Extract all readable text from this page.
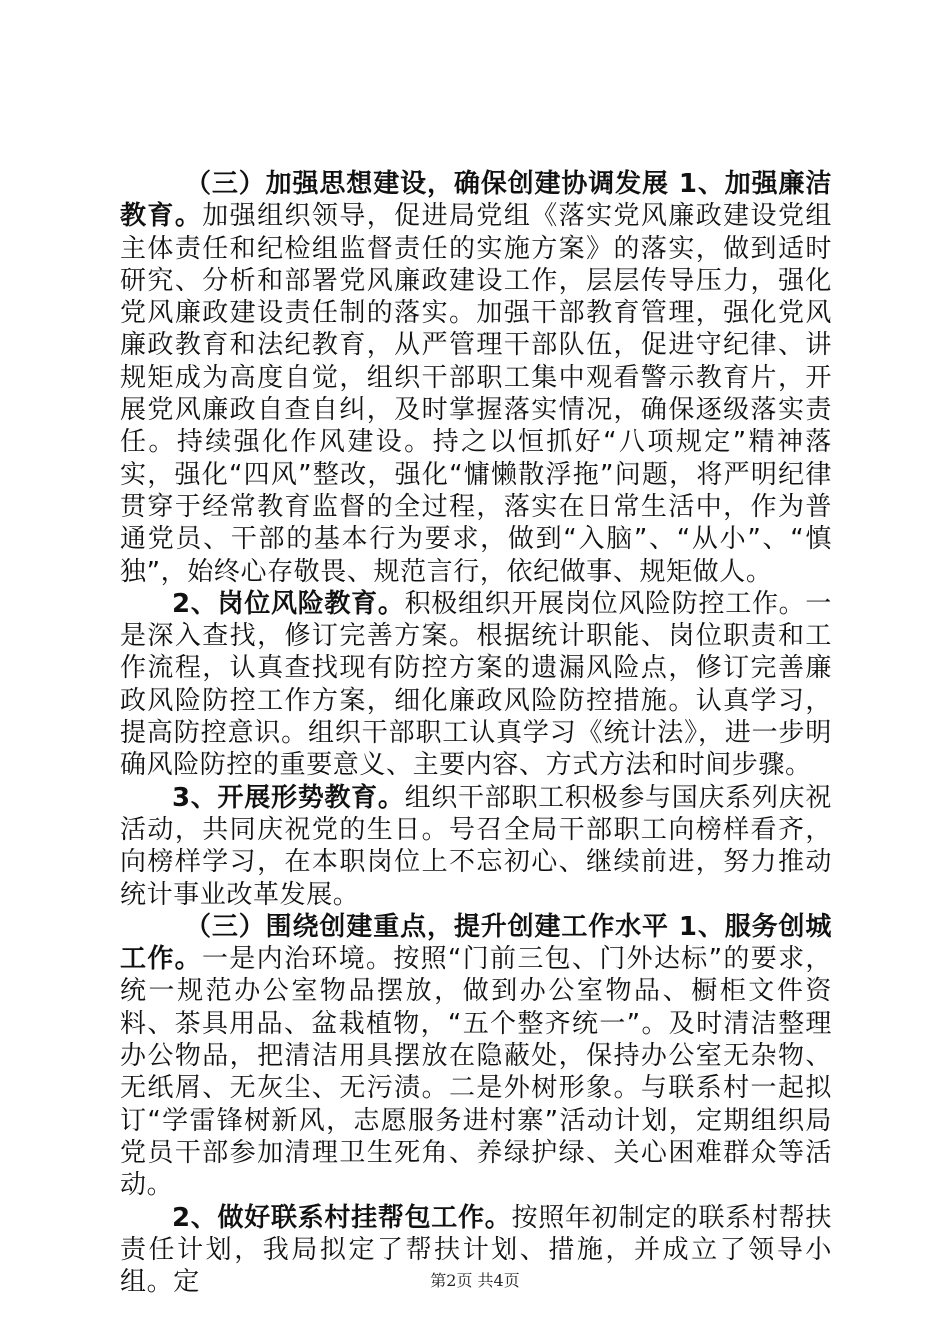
（三）加强思想建设，确保创建协调发展 1、加强廉洁教育。加强组织领导，促进局党组《落实党风廉政建设党组主体责任和纪检组监督责任的实施方案》的落实，做到适时研究、分析和部署党风廉政建设工作，层层传导压力，强化党风廉政建设责任制的落实。加强干部教育管理，强化党风廉政教育和法纪教育，从严管理干部队伍，促进守纪律、讲规矩成为高度自觉，组织干部职工集中观看警示教育片，开展党风廉政自查自纠，及时掌握落实情况，确保逐级落实责任。持续强化作风建设。持之以恒抓好“八项规定”精神落实，强化“四风”整改，强化“慵懒散浮拖”问题，将严明纪律贯穿于经常教育监督的全过程，落实在日常生活中，作为普通党员、干部的基本行为要求，做到“入脑”、“从小”、“慎独”，始终心存敬畏、规范言行，依纪做事、规矩做人。

2、岗位风险教育。积极组织开展岗位风险防控工作。一是深入查找，修订完善方案。根据统计职能、岗位职责和工作流程，认真查找现有防控方案的遗漏风险点，修订完善廉政风险防控工作方案，细化廉政风险防控措施。认真学习，提高防控意识。组织干部职工认真学习《统计法》，进一步明确风险防控的重要意义、主要内容、方式方法和时间步骤。

3、开展形势教育。组织干部职工积极参与国庆系列庆祝活动，共同庆祝党的生日。号召全局干部职工向榜样看齐，向榜样学习，在本职岗位上不忘初心、继续前进，努力推动统计事业改革发展。

（三）围绕创建重点，提升创建工作水平 1、服务创城工作。一是内治环境。按照“门前三包、门外达标”的要求，统一规范办公室物品摆放，做到办公室物品、橱柜文件资料、茶具用品、盆栽植物，“五个整齐统一”。及时清洁整理办公物品，把清洁用具摆放在隐蔽处，保持办公室无杂物、无纸屑、无灰尘、无污渍。二是外树形象。与联系村一起拟订“学雷锋树新风，志愿服务进村寨”活动计划，定期组织局党员干部参加清理卫生死角、养绿护绿、关心困难群众等活动。

2、做好联系村挂帮包工作。按照年初制定的联系村帮扶责任计划，我局拟定了帮扶计划、措施，并成立了领导小组。定	第2页 共4页
